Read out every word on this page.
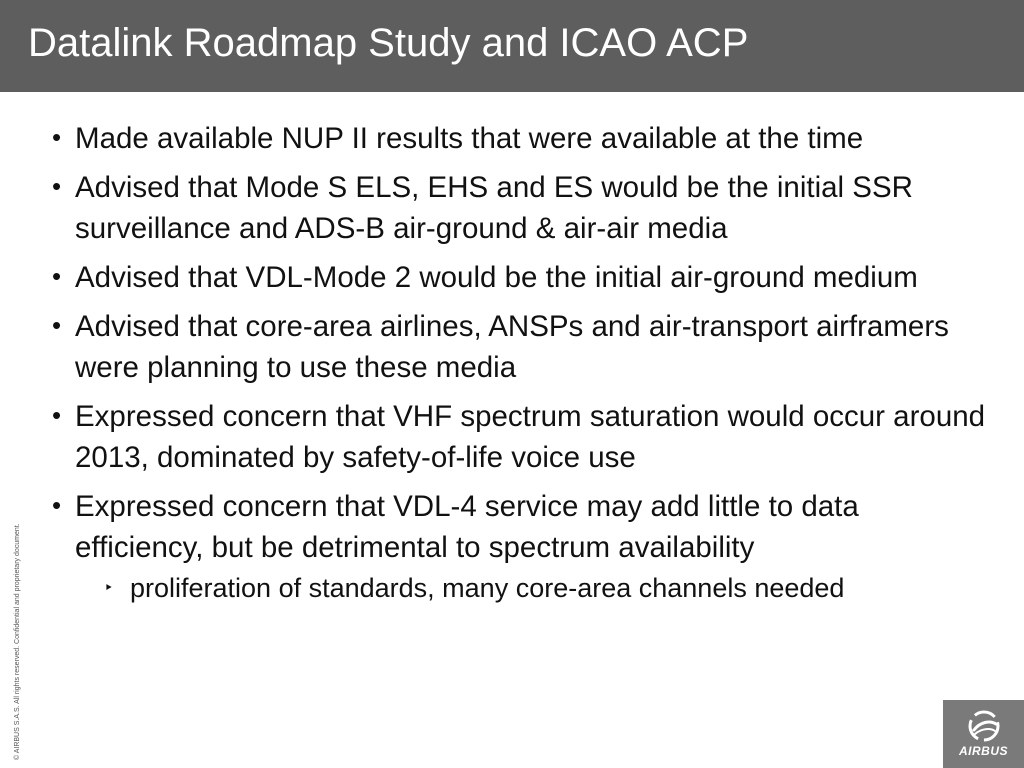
Datalink Roadmap Study and ICAO ACP
• Made available NUP II results that were available at the time
• Advised that Mode S ELS, EHS and ES would be the initial SSR surveillance and ADS-B air-ground & air-air media
• Advised that VDL-Mode 2 would be the initial air-ground medium
• Advised that core-area airlines, ANSPs and air-transport airframers were planning to use these media
• Expressed concern that VHF spectrum saturation would occur around 2013, dominated by safety-of-life voice use
• Expressed concern that VDL-4 service may add little to data efficiency, but be detrimental to spectrum availability
‣ proliferation of standards, many core-area channels needed
© AIRBUS S.A.S. All rights reserved. Confidential and proprietary document.	AIRBUS
